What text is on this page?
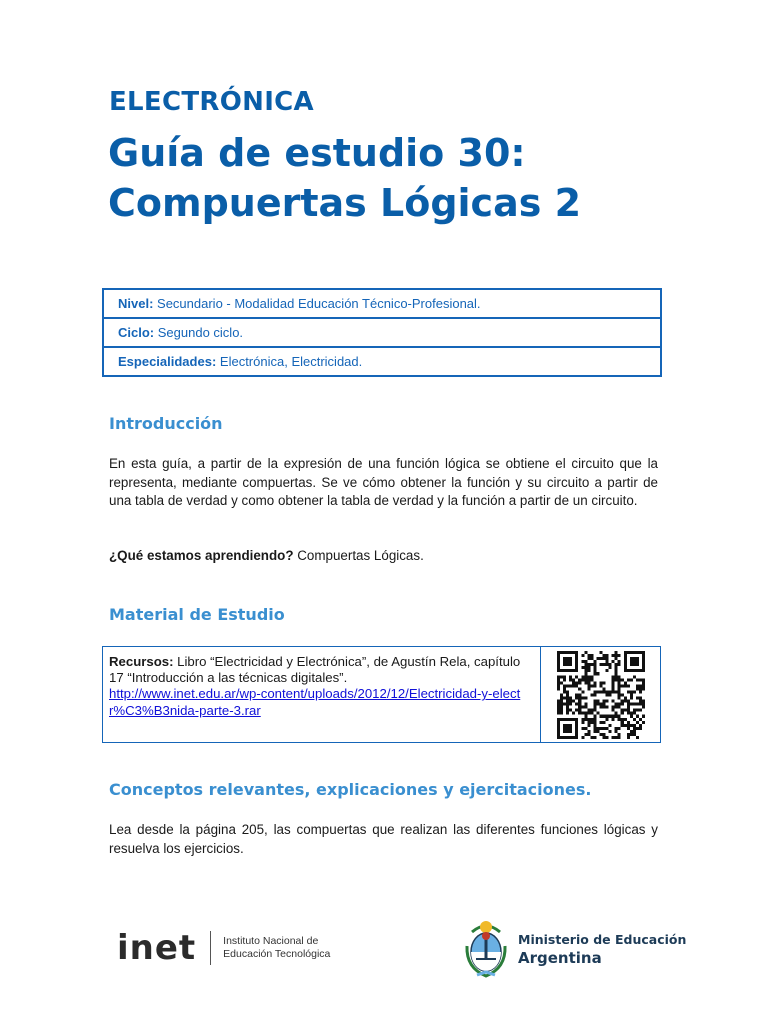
ELECTRÓNICA
Guía de estudio 30:
Compuertas Lógicas 2
Nivel: Secundario - Modalidad Educación Técnico-Profesional.
Ciclo: Segundo ciclo.
Especialidades: Electrónica, Electricidad.
Introducción
En esta guía, a partir de la expresión de una función lógica se obtiene el circuito que la representa, mediante compuertas. Se ve cómo obtener la función y su circuito a partir de una tabla de verdad y como obtener la tabla de verdad y la función a partir de un circuito.
¿Qué estamos aprendiendo? Compuertas Lógicas.
Material de Estudio
Recursos: Libro “Electricidad y Electrónica”, de Agustín Rela, capítulo 17 “Introducción a las técnicas digitales”.
http://www.inet.edu.ar/wp-content/uploads/2012/12/Electricidad-y-electr%C3%B3nida-parte-3.rar
Conceptos relevantes, explicaciones y ejercitaciones.
Lea desde la página 205, las compuertas que realizan las diferentes funciones lógicas y resuelva los ejercicios.
inet	Instituto Nacional de
Educación Tecnológica
Ministerio de Educación
Argentina
